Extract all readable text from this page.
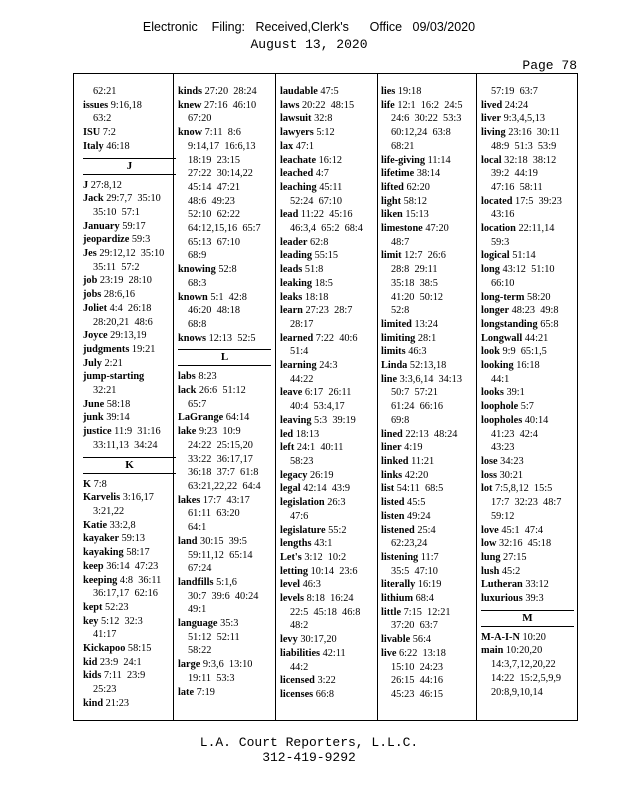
Electronic    Filing:   Received,Clerk's      Office   09/03/2020
August 13, 2020
Page 78
62:21
issues 9:16,18
63:2
ISU 7:2
Italy 46:18
J
J 27:8,12
Jack 29:7,7  35:10
35:10  57:1
January 59:17
jeopardize 59:3
Jes 29:12,12  35:10
35:11  57:2
job 23:19  28:10
jobs 28:6,16
Joliet 4:4  26:18
28:20,21  48:6
Joyce 29:13,19
judgments 19:21
July 2:21
jump-starting
32:21
June 58:18
junk 39:14
justice 11:9  31:16
33:11,13  34:24
K
K 7:8
Karvelis 3:16,17
3:21,22
Katie 33:2,8
kayaker 59:13
kayaking 58:17
keep 36:14  47:23
keeping 4:8  36:11
36:17,17  62:16
kept 52:23
key 5:12  32:3
41:17
Kickapoo 58:15
kid 23:9  24:1
kids 7:11  23:9
25:23
kind 21:23
kinds 27:20  28:24
knew 27:16  46:10
67:20
know 7:11  8:6
9:14,17  16:6,13
18:19  23:15
27:22  30:14,22
45:14  47:21
48:6  49:23
52:10  62:22
64:12,15,16  65:7
65:13  67:10
68:9
knowing 52:8
68:3
known 5:1  42:8
46:20  48:18
68:8
knows 12:13  52:5
L
labs 8:23
lack 26:6  51:12
65:7
LaGrange 64:14
lake 9:23  10:9
24:22  25:15,20
33:22  36:17,17
36:18  37:7  61:8
63:21,22,22  64:4
lakes 17:7  43:17
61:11  63:20
64:1
land 30:15  39:5
59:11,12  65:14
67:24
landfills 5:1,6
30:7  39:6  40:24
49:1
language 35:3
51:12  52:11
58:22
large 9:3,6  13:10
19:11  53:3
late 7:19
laudable 47:5
laws 20:22  48:15
lawsuit 32:8
lawyers 5:12
lax 47:1
leachate 16:12
leached 4:7
leaching 45:11
52:24  67:10
lead 11:22  45:16
46:3,4  65:2  68:4
leader 62:8
leading 55:15
leads 51:8
leaking 18:5
leaks 18:18
learn 27:23  28:7
28:17
learned 7:22  40:6
51:4
learning 24:3
44:22
leave 6:17  26:11
40:4  53:4,17
leaving 5:3  39:19
led 18:13
left 24:1  40:11
58:23
legacy 26:19
legal 42:14  43:9
legislation 26:3
47:6
legislature 55:2
lengths 43:1
Let's 3:12  10:2
letting 10:14  23:6
level 46:3
levels 8:18  16:24
22:5  45:18  46:8
48:2
levy 30:17,20
liabilities 42:11
44:2
licensed 3:22
licenses 66:8
lies 19:18
life 12:1  16:2  24:5
24:6  30:22  53:3
60:12,24  63:8
68:21
life-giving 11:14
lifetime 38:14
lifted 62:20
light 58:12
liken 15:13
limestone 47:20
48:7
limit 12:7  26:6
28:8  29:11
35:18  38:5
41:20  50:12
52:8
limited 13:24
limiting 28:1
limits 46:3
Linda 52:13,18
line 3:3,6,14  34:13
50:7  57:21
61:24  66:16
69:8
lined 22:13  48:24
liner 4:19
linked 11:21
links 42:20
list 54:11  68:5
listed 45:5
listen 49:24
listened 25:4
62:23,24
listening 11:7
35:5  47:10
literally 16:19
lithium 68:4
little 7:15  12:21
37:20  63:7
livable 56:4
live 6:22  13:18
15:10  24:23
26:15  44:16
45:23  46:15
57:19  63:7
lived 24:24
liver 9:3,4,5,13
living 23:16  30:11
48:9  51:3  53:9
local 32:18  38:12
39:2  44:19
47:16  58:11
located 17:5  39:23
43:16
location 22:11,14
59:3
logical 51:14
long 43:12  51:10
66:10
long-term 58:20
longer 48:23  49:8
longstanding 65:8
Longwall 44:21
look 9:9  65:1,5
looking 16:18
44:1
looks 39:1
loophole 5:7
loopholes 40:14
41:23  42:4
43:23
lose 34:23
loss 30:21
lot 7:5,8,12  15:5
17:7  32:23  48:7
59:12
love 45:1  47:4
low 32:16  45:18
lung 27:15
lush 45:2
Lutheran 33:12
luxurious 39:3
M
M-A-I-N 10:20
main 10:20,20
14:3,7,12,20,22
14:22  15:2,5,9,9
20:8,9,10,14
L.A. Court Reporters, L.L.C.
312-419-9292
